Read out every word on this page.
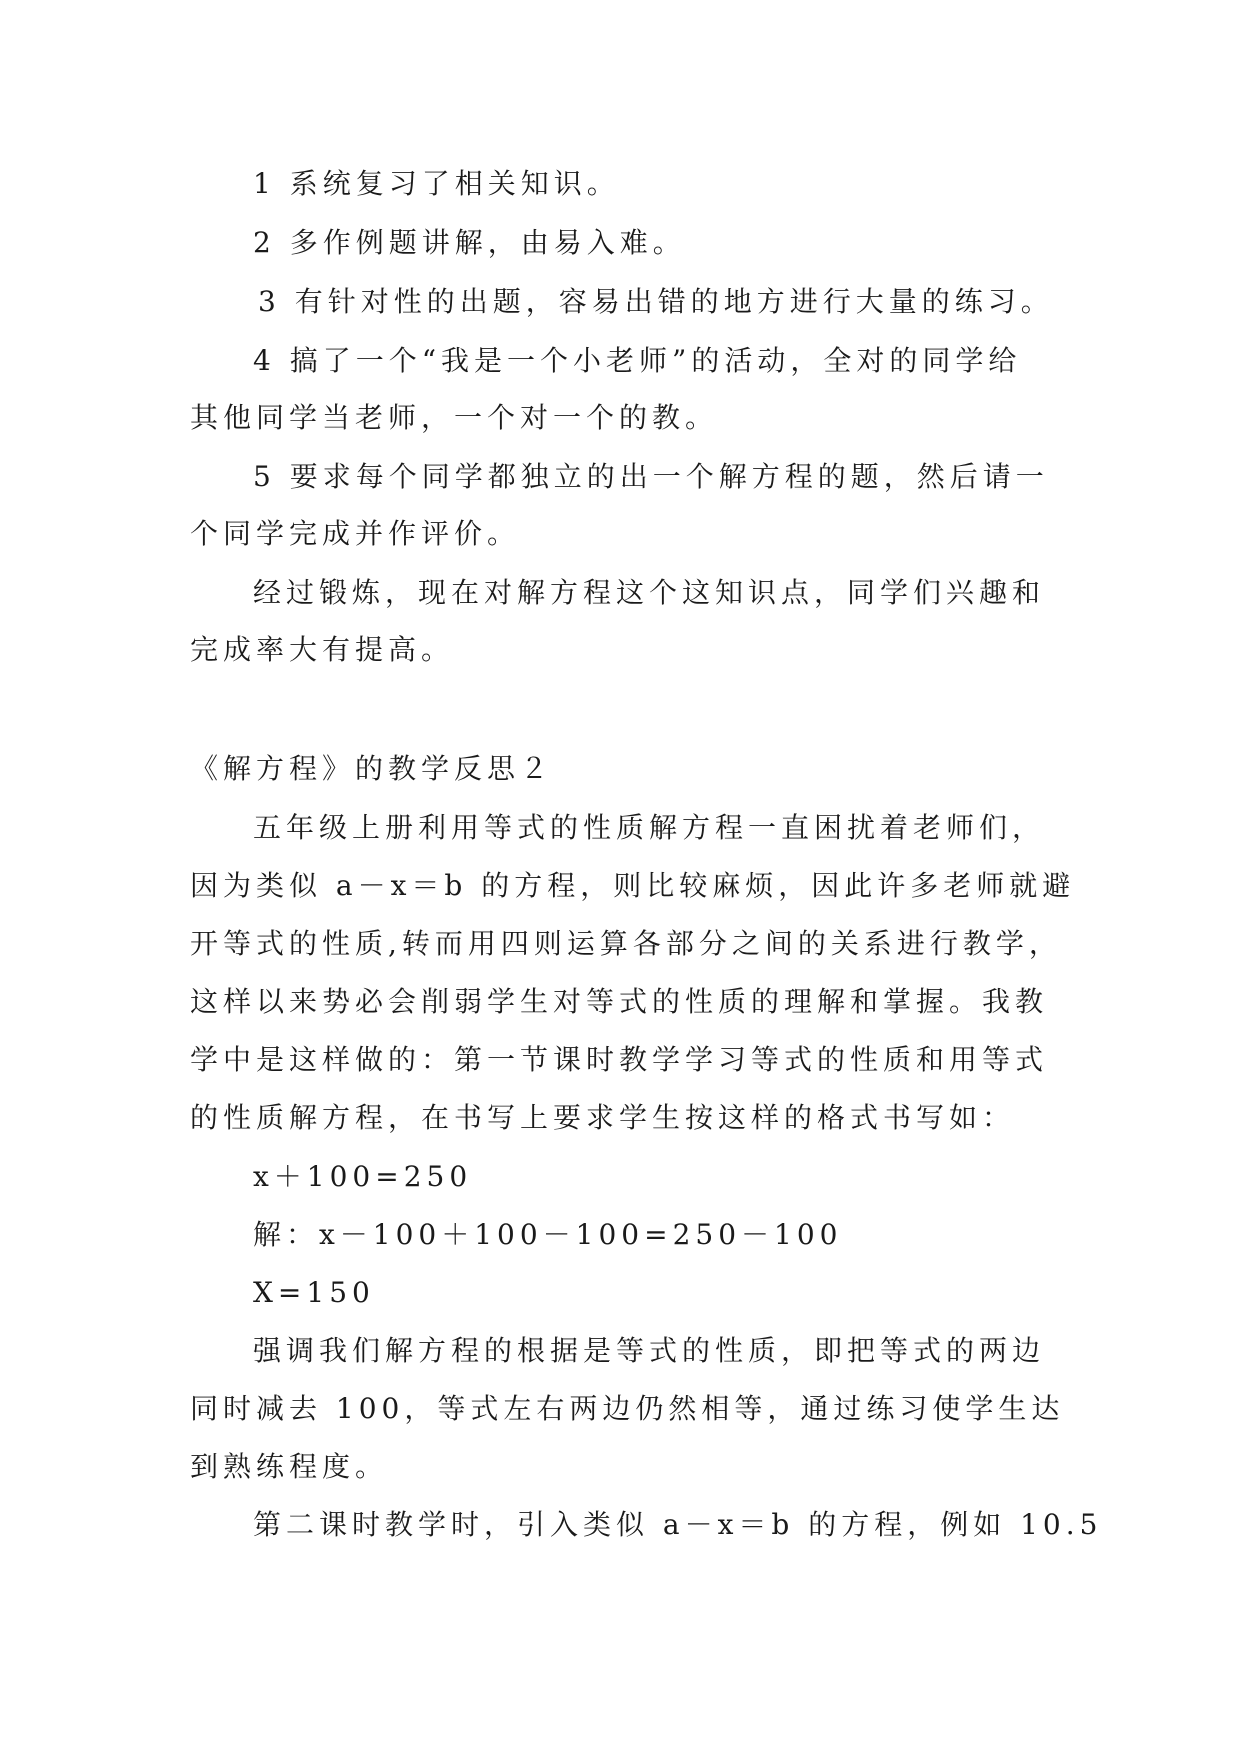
1 系统复习了相关知识。
2 多作例题讲解，由易入难。
3 有针对性的出题，容易出错的地方进行大量的练习。
4 搞了一个“我是一个小老师”的活动，全对的同学给
其他同学当老师，一个对一个的教。
5 要求每个同学都独立的出一个解方程的题，然后请一
个同学完成并作评价。
经过锻炼，现在对解方程这个这知识点，同学们兴趣和
完成率大有提高。
《解方程》的教学反思２
五年级上册利用等式的性质解方程一直困扰着老师们，
因为类似 a－x＝b 的方程，则比较麻烦，因此许多老师就避
开等式的性质,转而用四则运算各部分之间的关系进行教学，
这样以来势必会削弱学生对等式的性质的理解和掌握。我教
学中是这样做的：第一节课时教学学习等式的性质和用等式
的性质解方程，在书写上要求学生按这样的格式书写如：
x＋100=250
解：x－100＋100－100=250－100
X=150
强调我们解方程的根据是等式的性质，即把等式的两边
同时减去 100，等式左右两边仍然相等，通过练习使学生达
到熟练程度。
第二课时教学时，引入类似 a－x＝b 的方程，例如 10.5
